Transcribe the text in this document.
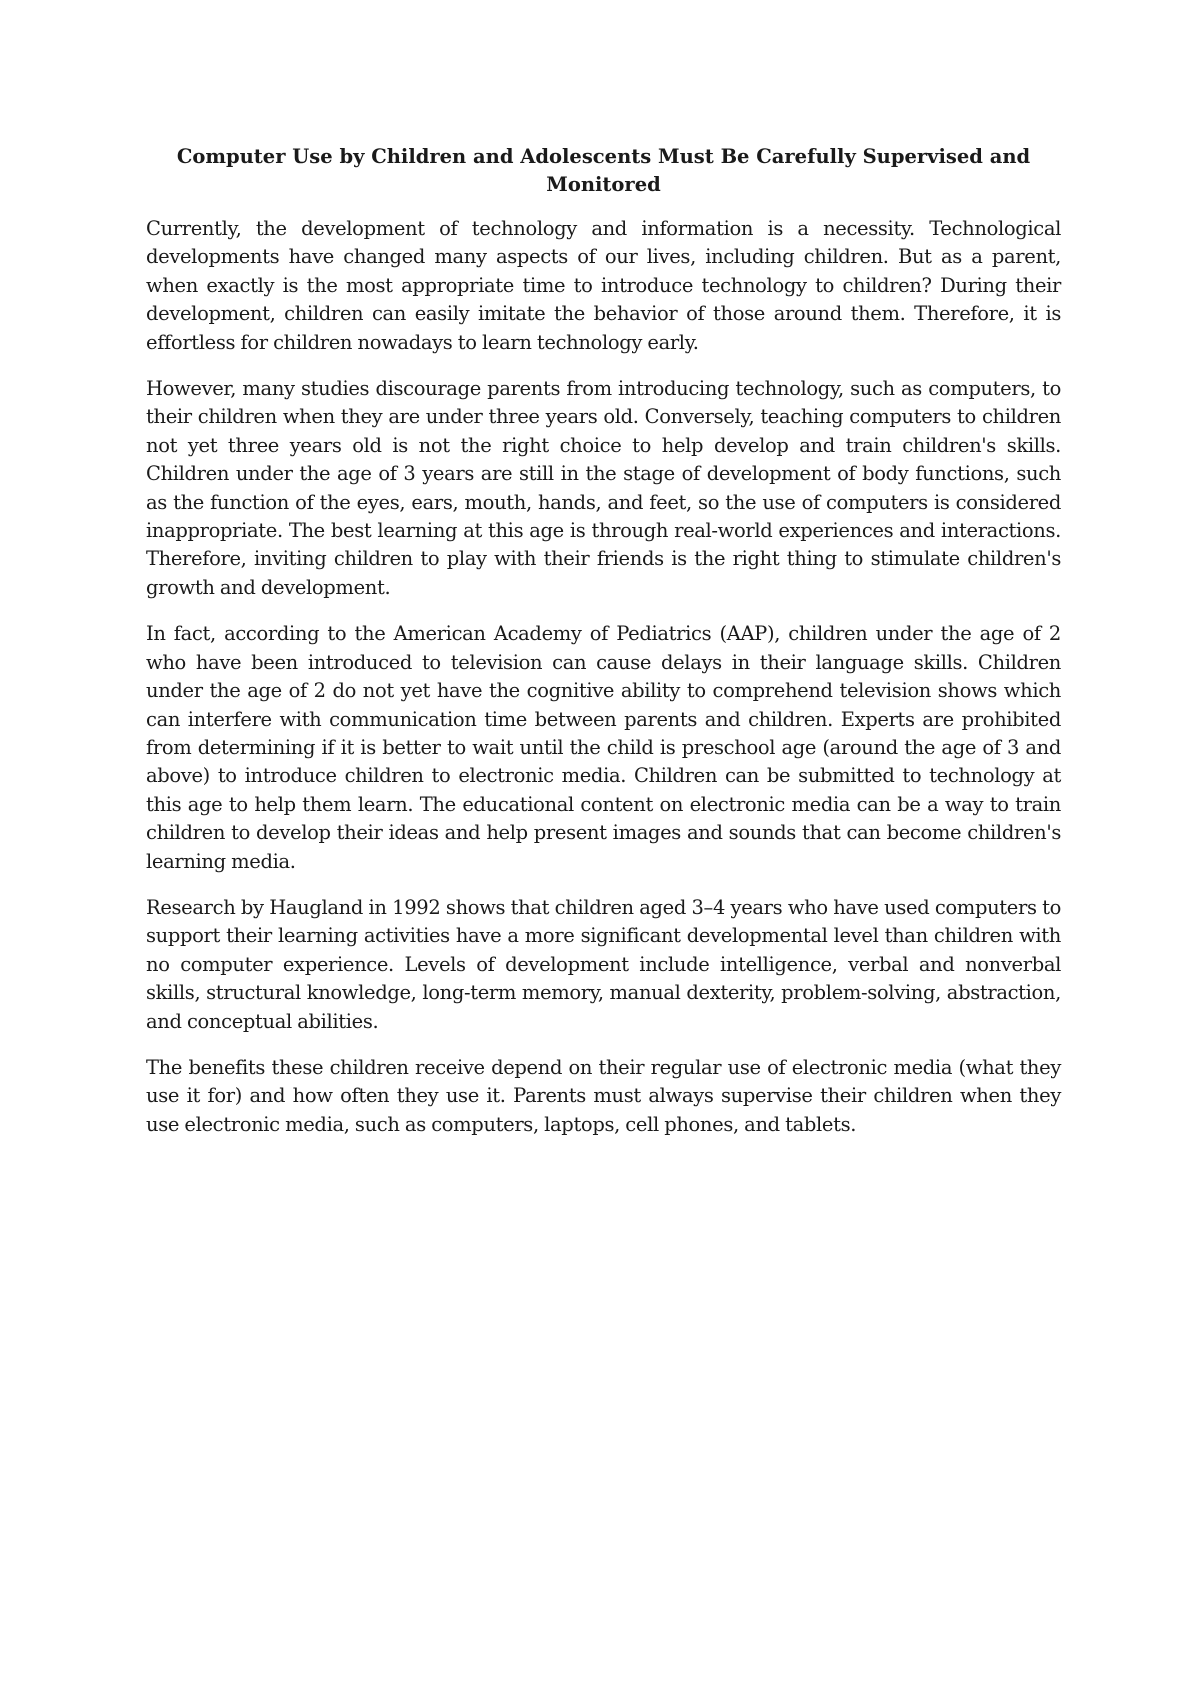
Computer Use by Children and Adolescents Must Be Carefully Supervised and Monitored

Currently, the development of technology and information is a necessity. Technological developments have changed many aspects of our lives, including children. But as a parent, when exactly is the most appropriate time to introduce technology to children? During their development, children can easily imitate the behavior of those around them. Therefore, it is effortless for children nowadays to learn technology early.

However, many studies discourage parents from introducing technology, such as computers, to their children when they are under three years old. Conversely, teaching computers to children not yet three years old is not the right choice to help develop and train children's skills. Children under the age of 3 years are still in the stage of development of body functions, such as the function of the eyes, ears, mouth, hands, and feet, so the use of computers is considered inappropriate. The best learning at this age is through real-world experiences and interactions. Therefore, inviting children to play with their friends is the right thing to stimulate children's growth and development.

In fact, according to the American Academy of Pediatrics (AAP), children under the age of 2 who have been introduced to television can cause delays in their language skills. Children under the age of 2 do not yet have the cognitive ability to comprehend television shows which can interfere with communication time between parents and children. Experts are prohibited from determining if it is better to wait until the child is preschool age (around the age of 3 and above) to introduce children to electronic media. Children can be submitted to technology at this age to help them learn. The educational content on electronic media can be a way to train children to develop their ideas and help present images and sounds that can become children's learning media.

Research by Haugland in 1992 shows that children aged 3–4 years who have used computers to support their learning activities have a more significant developmental level than children with no computer experience. Levels of development include intelligence, verbal and nonverbal skills, structural knowledge, long-term memory, manual dexterity, problem-solving, abstraction, and conceptual abilities.

The benefits these children receive depend on their regular use of electronic media (what they use it for) and how often they use it. Parents must always supervise their children when they use electronic media, such as computers, laptops, cell phones, and tablets.
